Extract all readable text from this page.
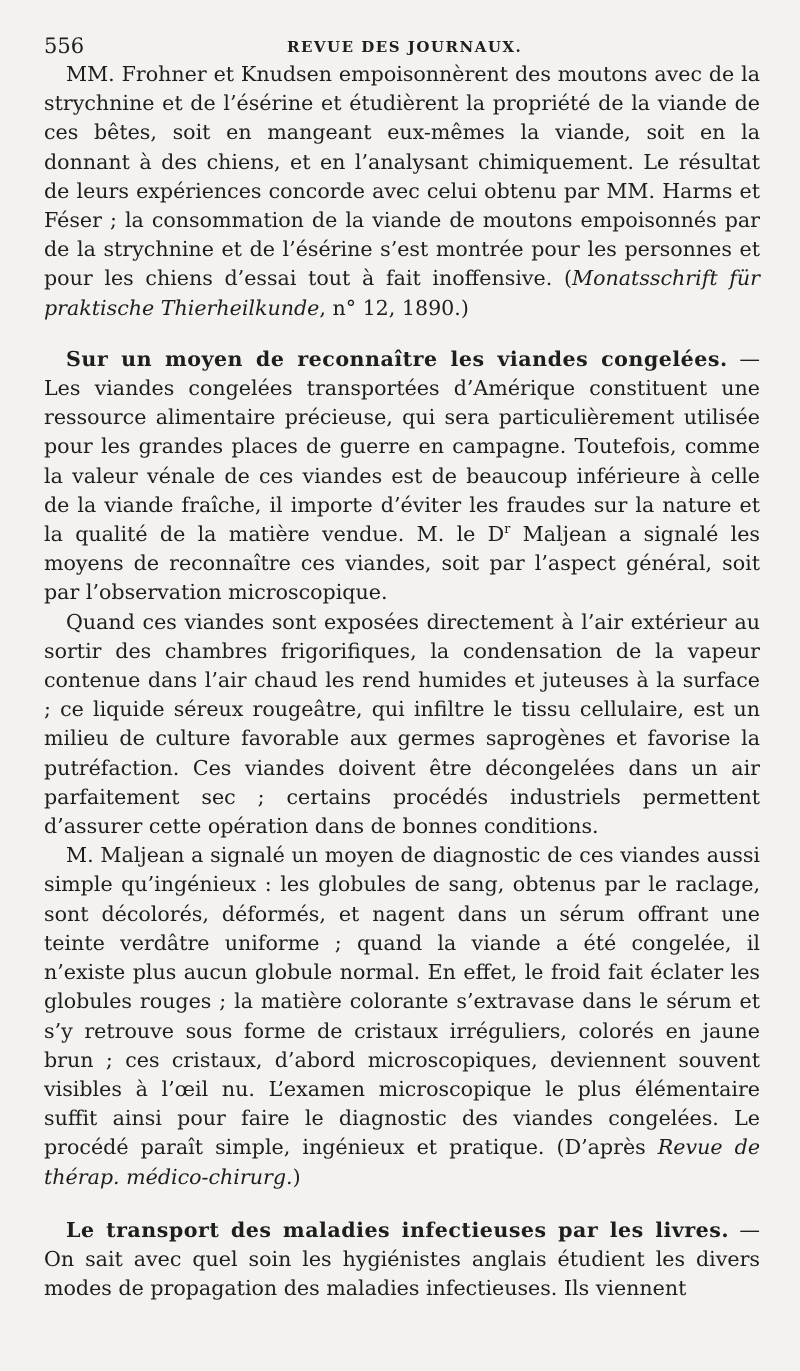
556	REVUE DES JOURNAUX.

MM. Frohner et Knudsen empoisonnèrent des moutons avec de la strychnine et de l’ésérine et étudièrent la propriété de la viande de ces bêtes, soit en mangeant eux-mêmes la viande, soit en la donnant à des chiens, et en l’analysant chimiquement. Le résultat de leurs expériences concorde avec celui obtenu par MM. Harms et Féser ; la consommation de la viande de moutons empoisonnés par de la strychnine et de l’ésérine s’est montrée pour les personnes et pour les chiens d’essai tout à fait inoffensive. (Monatsschrift für praktische Thierheilkunde, n° 12, 1890.)

Sur un moyen de reconnaître les viandes congelées. — Les viandes congelées transportées d’Amérique constituent une ressource alimentaire précieuse, qui sera particulièrement utilisée pour les grandes places de guerre en campagne. Toutefois, comme la valeur vénale de ces viandes est de beaucoup inférieure à celle de la viande fraîche, il importe d’éviter les fraudes sur la nature et la qualité de la matière vendue. M. le $D^r$ Maljean a signalé les moyens de reconnaître ces viandes, soit par l’aspect général, soit par l’observation microscopique.

Quand ces viandes sont exposées directement à l’air extérieur au sortir des chambres frigorifiques, la condensation de la vapeur contenue dans l’air chaud les rend humides et juteuses à la surface ; ce liquide séreux rougeâtre, qui infiltre le tissu cellulaire, est un milieu de culture favorable aux germes saprogènes et favorise la putréfaction. Ces viandes doivent être décongelées dans un air parfaitement sec ; certains procédés industriels permettent d’assurer cette opération dans de bonnes conditions.

M. Maljean a signalé un moyen de diagnostic de ces viandes aussi simple qu’ingénieux : les globules de sang, obtenus par le raclage, sont décolorés, déformés, et nagent dans un sérum offrant une teinte verdâtre uniforme ; quand la viande a été congelée, il n’existe plus aucun globule normal. En effet, le froid fait éclater les globules rouges ; la matière colorante s’extravase dans le sérum et s’y retrouve sous forme de cristaux irréguliers, colorés en jaune brun ; ces cristaux, d’abord microscopiques, deviennent souvent visibles à l’œil nu. L’examen microscopique le plus élémentaire suffit ainsi pour faire le diagnostic des viandes congelées. Le procédé paraît simple, ingénieux et pratique. (D’après Revue de thérap. médico-chirurg.)

Le transport des maladies infectieuses par les livres. — On sait avec quel soin les hygiénistes anglais étudient les divers modes de propagation des maladies infectieuses. Ils viennent
